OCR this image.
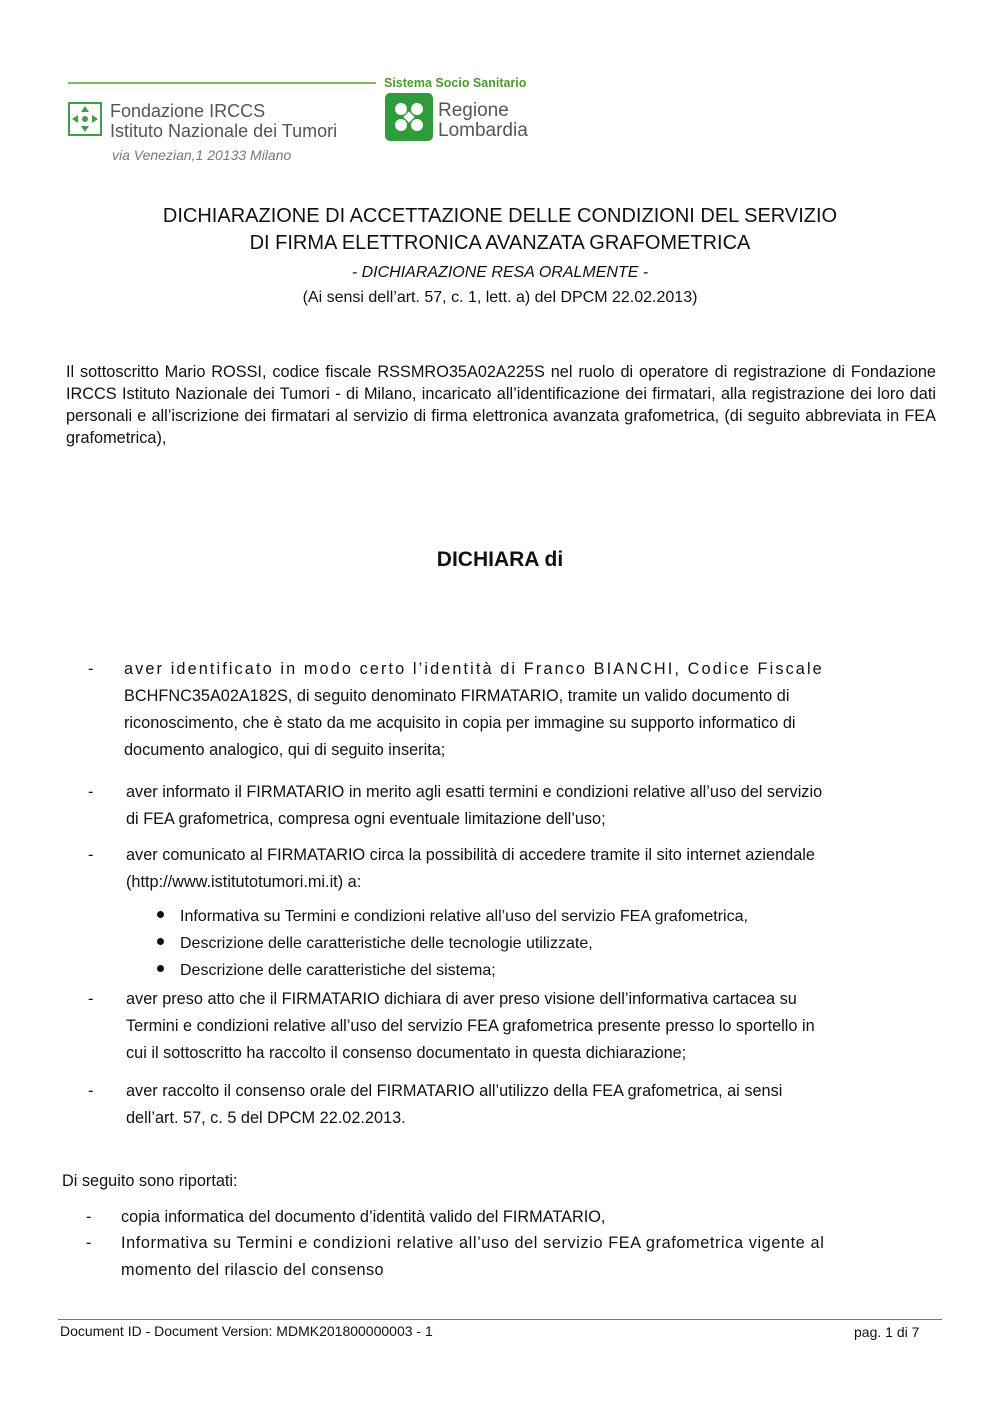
Sistema Socio Sanitario
Fondazione IRCCS
Istituto Nazionale dei Tumori
via Venezian,1 20133 Milano
Regione
Lombardia
DICHIARAZIONE DI ACCETTAZIONE DELLE CONDIZIONI DEL SERVIZIO
DI FIRMA ELETTRONICA AVANZATA GRAFOMETRICA
- DICHIARAZIONE RESA ORALMENTE -
(Ai sensi dell’art. 57, c. 1, lett. a) del DPCM 22.02.2013)
Il sottoscritto Mario ROSSI, codice fiscale RSSMRO35A02A225S nel ruolo di operatore di registrazione di Fondazione IRCCS Istituto Nazionale dei Tumori - di Milano, incaricato all’identificazione dei firmatari, alla registrazione dei loro dati personali e all’iscrizione dei firmatari al servizio di firma elettronica avanzata grafometrica, (di seguito abbreviata in FEA grafometrica),
DICHIARA di
- aver identificato in modo certo l’identità di Franco BIANCHI, Codice Fiscale
BCHFNC35A02A182S, di seguito denominato FIRMATARIO, tramite un valido documento di
riconoscimento, che è stato da me acquisito in copia per immagine su supporto informatico di
documento analogico, qui di seguito inserita;
- aver informato il FIRMATARIO in merito agli esatti termini e condizioni relative all’uso del servizio
di FEA grafometrica, compresa ogni eventuale limitazione dell’uso;
- aver comunicato al FIRMATARIO circa la possibilità di accedere tramite il sito internet aziendale
(http://www.istitutotumori.mi.it) a:
Informativa su Termini e condizioni relative all’uso del servizio FEA grafometrica,
Descrizione delle caratteristiche delle tecnologie utilizzate,
Descrizione delle caratteristiche del sistema;
- aver preso atto che il FIRMATARIO dichiara di aver preso visione dell’informativa cartacea su
Termini e condizioni relative all’uso del servizio FEA grafometrica presente presso lo sportello in
cui il sottoscritto ha raccolto il consenso documentato in questa dichiarazione;
- aver raccolto il consenso orale del FIRMATARIO all’utilizzo della FEA grafometrica, ai sensi
dell’art. 57, c. 5 del DPCM 22.02.2013.
Di seguito sono riportati:
- copia informatica del documento d’identità valido del FIRMATARIO,
- Informativa su Termini e condizioni relative all’uso del servizio FEA grafometrica vigente al
momento del rilascio del consenso
Document ID - Document Version: MDMK201800000003 - 1	pag. 1 di 7
